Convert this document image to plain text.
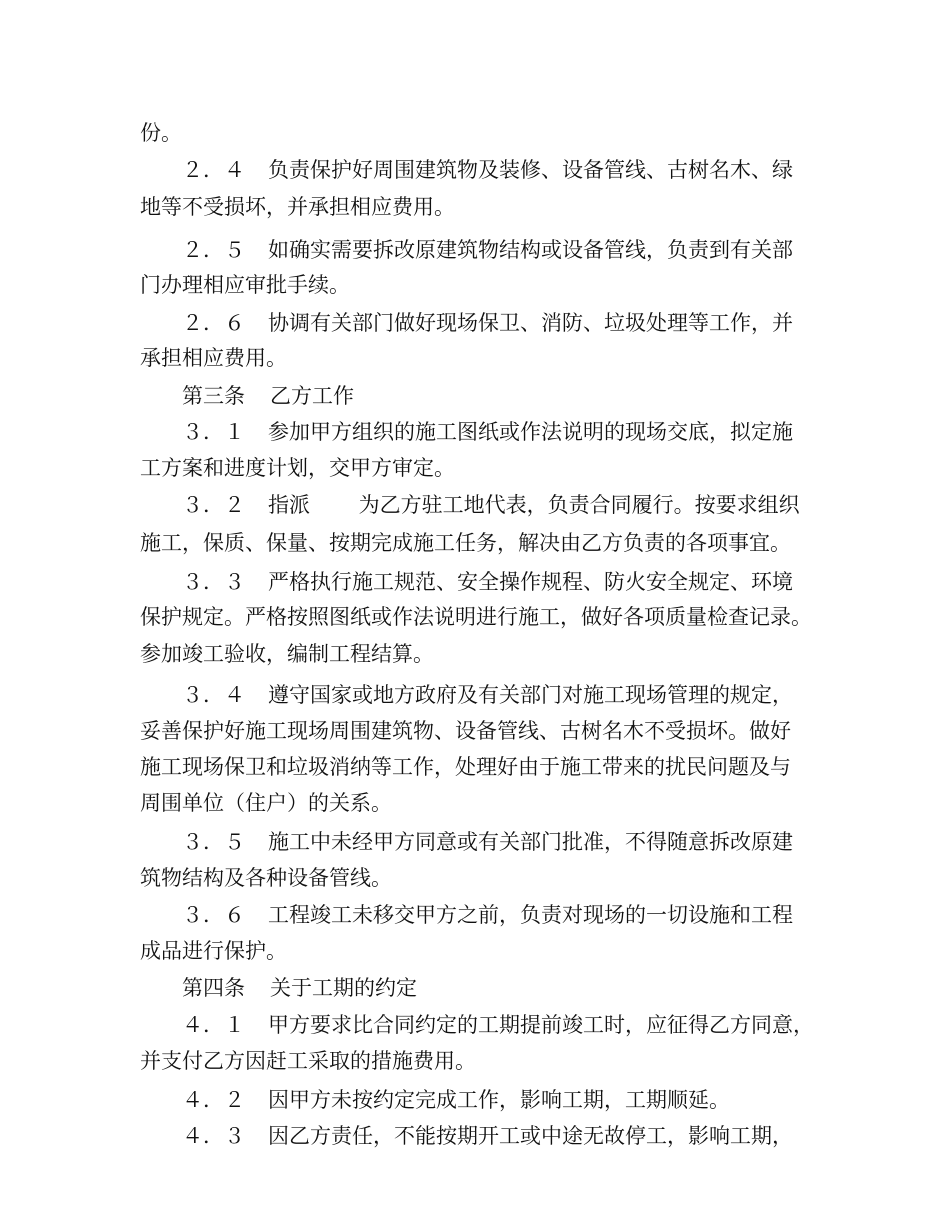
份。
２．４ 负责保护好周围建筑物及装修、设备管线、古树名木、绿
地等不受损坏，并承担相应费用。
２．５ 如确实需要拆改原建筑物结构或设备管线，负责到有关部
门办理相应审批手续。
２．６ 协调有关部门做好现场保卫、消防、垃圾处理等工作，并
承担相应费用。
第三条 乙方工作
３．１ 参加甲方组织的施工图纸或作法说明的现场交底，拟定施
工方案和进度计划，交甲方审定。
３．２ 指派　　 为乙方驻工地代表，负责合同履行。按要求组织
施工，保质、保量、按期完成施工任务，解决由乙方负责的各项事宜。
３．３ 严格执行施工规范、安全操作规程、防火安全规定、环境
保护规定。严格按照图纸或作法说明进行施工，做好各项质量检查记录。
参加竣工验收，编制工程结算。
３．４ 遵守国家或地方政府及有关部门对施工现场管理的规定，
妥善保护好施工现场周围建筑物、设备管线、古树名木不受损坏。做好
施工现场保卫和垃圾消纳等工作，处理好由于施工带来的扰民问题及与
周围单位（住户）的关系。
３．５ 施工中未经甲方同意或有关部门批准，不得随意拆改原建
筑物结构及各种设备管线。
３．６ 工程竣工未移交甲方之前，负责对现场的一切设施和工程
成品进行保护。
第四条 关于工期的约定
４．１ 甲方要求比合同约定的工期提前竣工时，应征得乙方同意，
并支付乙方因赶工采取的措施费用。
４．２ 因甲方未按约定完成工作，影响工期，工期顺延。
４．３ 因乙方责任，不能按期开工或中途无故停工，影响工期，
